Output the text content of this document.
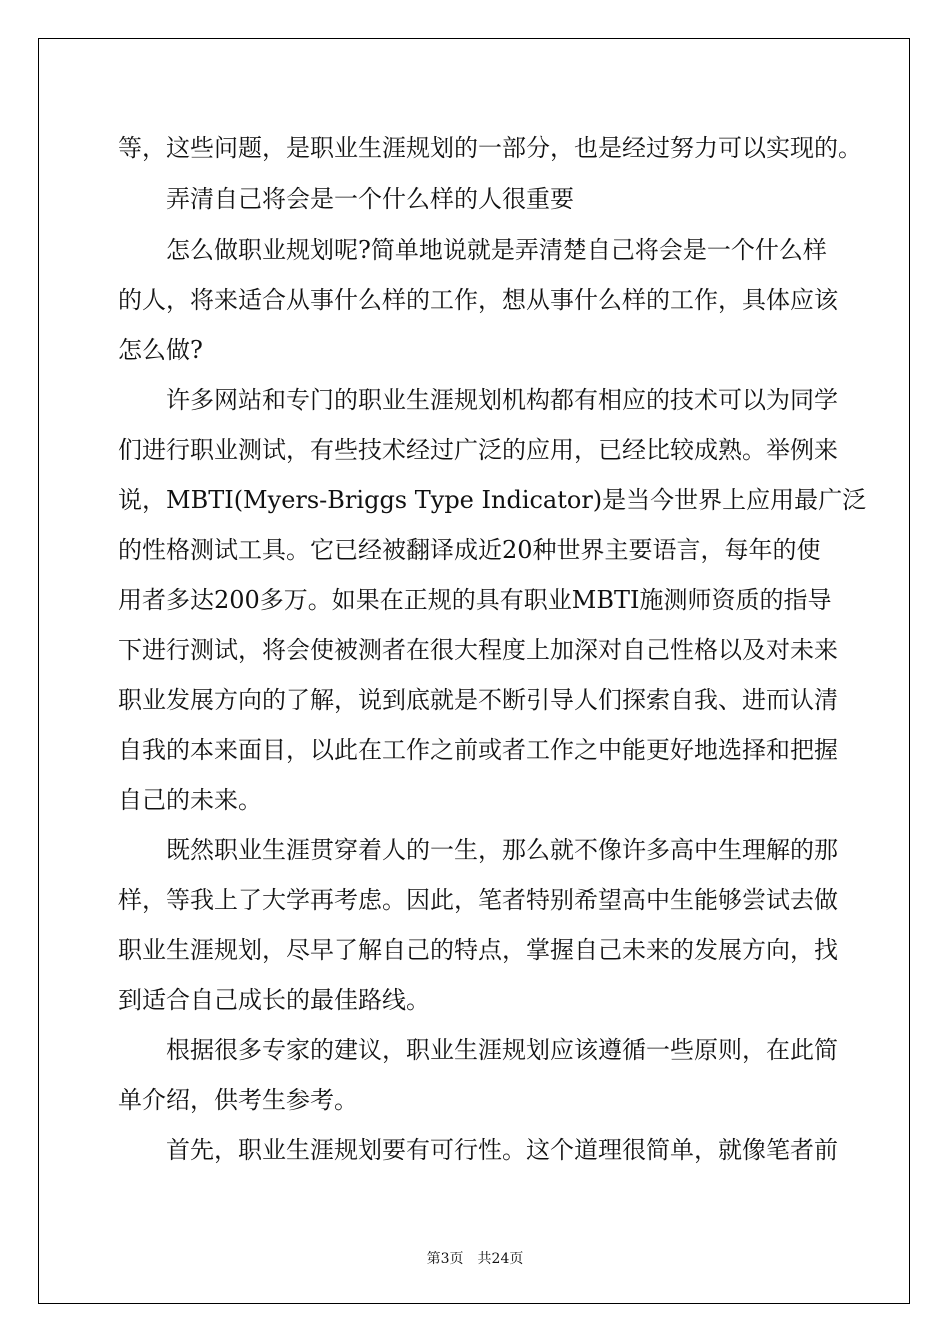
等，这些问题，是职业生涯规划的一部分，也是经过努力可以实现的。
弄清自己将会是一个什么样的人很重要
怎么做职业规划呢?简单地说就是弄清楚自己将会是一个什么样
的人，将来适合从事什么样的工作，想从事什么样的工作，具体应该
怎么做?
许多网站和专门的职业生涯规划机构都有相应的技术可以为同学
们进行职业测试，有些技术经过广泛的应用，已经比较成熟。举例来
说，MBTI(Myers-Briggs Type Indicator)是当今世界上应用最广泛
的性格测试工具。它已经被翻译成近20种世界主要语言，每年的使
用者多达200多万。如果在正规的具有职业MBTI施测师资质的指导
下进行测试，将会使被测者在很大程度上加深对自己性格以及对未来
职业发展方向的了解，说到底就是不断引导人们探索自我、进而认清
自我的本来面目，以此在工作之前或者工作之中能更好地选择和把握
自己的未来。
既然职业生涯贯穿着人的一生，那么就不像许多高中生理解的那
样，等我上了大学再考虑。因此，笔者特别希望高中生能够尝试去做
职业生涯规划，尽早了解自己的特点，掌握自己未来的发展方向，找
到适合自己成长的最佳路线。
根据很多专家的建议，职业生涯规划应该遵循一些原则，在此简
单介绍，供考生参考。
首先，职业生涯规划要有可行性。这个道理很简单，就像笔者前
第3页　共24页
